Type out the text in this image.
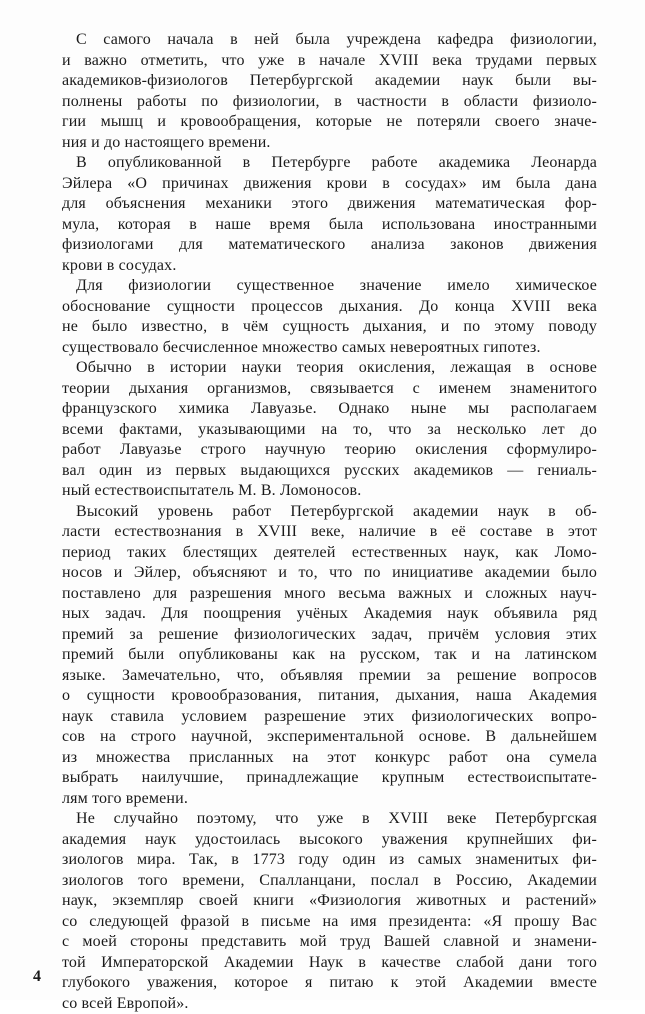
С самого начала в ней была учреждена кафедра физиологии,
и важно отметить, что уже в начале XVIII века трудами первых
академиков-физиологов Петербургской академии наук были вы-
полнены работы по физиологии, в частности в области физиоло-
гии мышц и кровообращения, которые не потеряли своего значе-
ния и до настоящего времени.
В опубликованной в Петербурге работе академика Леонарда
Эйлера «О причинах движения крови в сосудах» им была дана
для объяснения механики этого движения математическая фор-
мула, которая в наше время была использована иностранными
физиологами для математического анализа законов движения
крови в сосудах.
Для физиологии существенное значение имело химическое
обоснование сущности процессов дыхания. До конца XVIII века
не было известно, в чём сущность дыхания, и по этому поводу
существовало бесчисленное множество самых невероятных гипотез.
Обычно в истории науки теория окисления, лежащая в основе
теории дыхания организмов, связывается с именем знаменитого
французского химика Лавуазье. Однако ныне мы располагаем
всеми фактами, указывающими на то, что за несколько лет до
работ Лавуазье строго научную теорию окисления сформулиро-
вал один из первых выдающихся русских академиков — гениаль-
ный естествоиспытатель М. В. Ломоносов.
Высокий уровень работ Петербургской академии наук в об-
ласти естествознания в XVIII веке, наличие в её составе в этот
период таких блестящих деятелей естественных наук, как Ломо-
носов и Эйлер, объясняют и то, что по инициативе академии было
поставлено для разрешения много весьма важных и сложных науч-
ных задач. Для поощрения учёных Академия наук объявила ряд
премий за решение физиологических задач, причём условия этих
премий были опубликованы как на русском, так и на латинском
языке. Замечательно, что, объявляя премии за решение вопросов
о сущности кровообразования, питания, дыхания, наша Академия
наук ставила условием разрешение этих физиологических вопро-
сов на строго научной, экспериментальной основе. В дальнейшем
из множества присланных на этот конкурс работ она сумела
выбрать наилучшие, принадлежащие крупным естествоиспытате-
лям того времени.
Не случайно поэтому, что уже в XVIII веке Петербургская
академия наук удостоилась высокого уважения крупнейших фи-
зиологов мира. Так, в 1773 году один из самых знаменитых фи-
зиологов того времени, Спалланцани, послал в Россию, Академии
наук, экземпляр своей книги «Физиология животных и растений»
со следующей фразой в письме на имя президента: «Я прошу Вас
с моей стороны представить мой труд Вашей славной и знамени-
той Императорской Академии Наук в качестве слабой дани того
глубокого уважения, которое я питаю к этой Академии вместе
со всей Европой».
4
